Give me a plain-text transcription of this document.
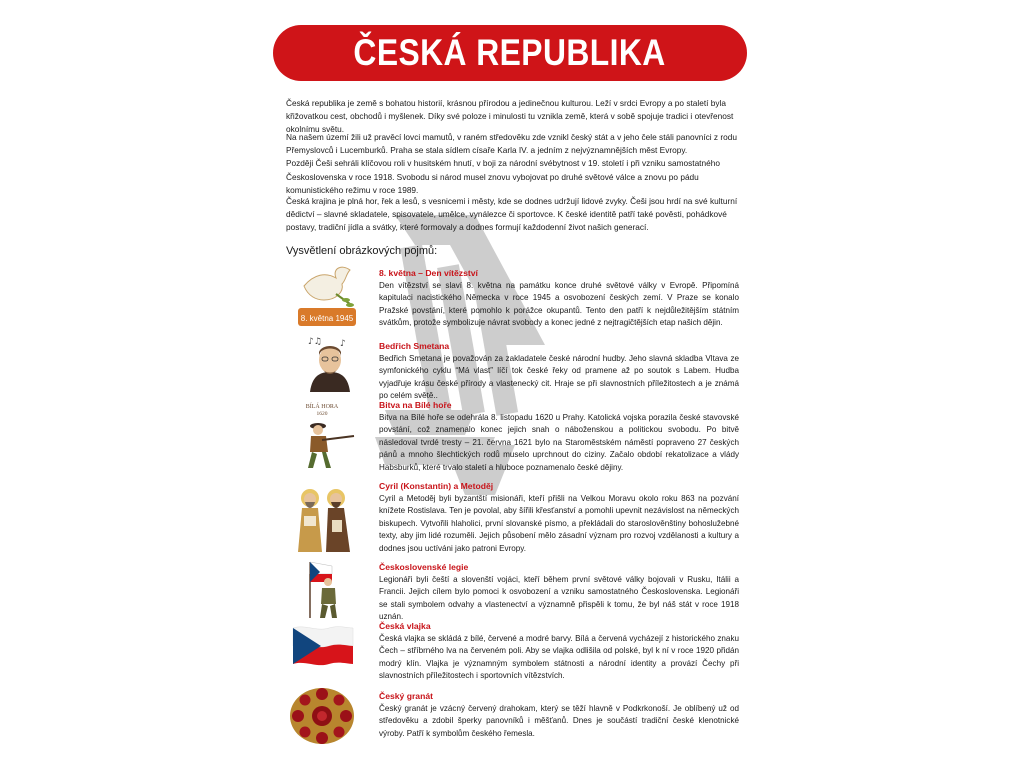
ČESKÁ REPUBLIKA

Česká republika je země s bohatou historií, krásnou přírodou a jedinečnou kulturou. Leží v srdci Evropy a po staletí byla křižovatkou cest, obchodů i myšlenek. Díky své poloze i minulosti tu vznikla země, která v sobě spojuje tradici i otevřenost okolnímu světu.

Na našem území žili už pravěcí lovci mamutů, v raném středověku zde vznikl český stát a v jeho čele stáli panovníci z rodu Přemyslovců i Lucemburků. Praha se stala sídlem císaře Karla IV. a jedním z nejvýznamnějších měst Evropy.

Později Češi sehráli klíčovou roli v husitském hnutí, v boji za národní svébytnost v 19. století i při vzniku samostatného Československa v roce 1918. Svobodu si národ musel znovu vybojovat po druhé světové válce a znovu po pádu komunistického režimu v roce 1989.

Česká krajina je plná hor, řek a lesů, s vesnicemi i městy, kde se dodnes udržují lidové zvyky. Češi jsou hrdí na své kulturní dědictví – slavné skladatele, spisovatele, umělce, vynálezce či sportovce. K české identitě patří také pověsti, pohádkové postavy, tradiční jídla a svátky, které formovaly a dodnes formují každodenní život našich generací.

Vysvětlení obrázkových pojmů:
8. května 1945
8. května – Den vítězství
Den vítězství se slaví 8. května na památku konce druhé světové války v Evropě. Připomíná kapitulaci nacistického Německa v roce 1945 a osvobození českých zemí. V Praze se konalo Pražské povstání, které pomohlo k porážce okupantů. Tento den patří k nejdůležitějším státním svátkům, protože symbolizuje návrat svobody a konec jedné z nejtragičtějších etap našich dějin.
♪♫ ♪	Bedřich Smetana
Bedřich Smetana je považován za zakladatele české národní hudby. Jeho slavná skladba Vltava ze symfonického cyklu “Má vlast” líčí tok české řeky od pramene až po soutok s Labem. Hudba vyjadřuje krásu české přírody a vlastenecký cit. Hraje se při slavnostních příležitostech a je známá po celém světě..
BÍLÁ HORA
1620
Bitva na Bílé hoře
Bitva na Bílé hoře se odehrála 8. listopadu 1620 u Prahy. Katolická vojska porazila české stavovské povstání, což znamenalo konec jejich snah o náboženskou a politickou svobodu. Po bitvě následoval tvrdé tresty – 21. června 1621 bylo na Staroměstském náměstí popraveno 27 českých pánů a mnoho šlechtických rodů muselo uprchnout do ciziny. Začalo období rekatolizace a vlády Habsburků, které trvalo staletí a hluboce poznamenalo české dějiny.
Cyril (Konstantin) a Metoděj
Cyril a Metoděj byli byzantští misionáři, kteří přišli na Velkou Moravu okolo roku 863 na pozvání knížete Rostislava. Ten je povolal, aby šířili křesťanství a pomohli upevnit nezávislost na německých biskupech. Vytvořili hlaholici, první slovanské písmo, a překládali do staroslověnštiny bohoslužebné texty, aby jim lidé rozuměli. Jejich působení mělo zásadní význam pro rozvoj vzdělanosti a kultury a dodnes jsou uctíváni jako patroni Evropy.
Československé legie
Legionáři byli čeští a slovenští vojáci, kteří během první světové války bojovali v Rusku, Itálii a Francii. Jejich cílem bylo pomoci k osvobození a vzniku samostatného Československa. Legionáři se stali symbolem odvahy a vlastenectví a významně přispěli k tomu, že byl náš stát v roce 1918 uznán.
Česká vlajka
Česká vlajka se skládá z bílé, červené a modré barvy. Bílá a červená vycházejí z historického znaku Čech – stříbrného lva na červeném poli. Aby se vlajka odlišila od polské, byl k ní v roce 1920 přidán modrý klín. Vlajka je významným symbolem státnosti a národní identity a provází Čechy při slavnostních příležitostech i sportovních vítězstvích.
Český granát
Český granát je vzácný červený drahokam, který se těží hlavně v Podkrkonoší. Je oblíbený už od středověku a zdobil šperky panovníků i měšťanů. Dnes je součástí tradiční české klenotnické výroby. Patří k symbolům českého řemesla.
